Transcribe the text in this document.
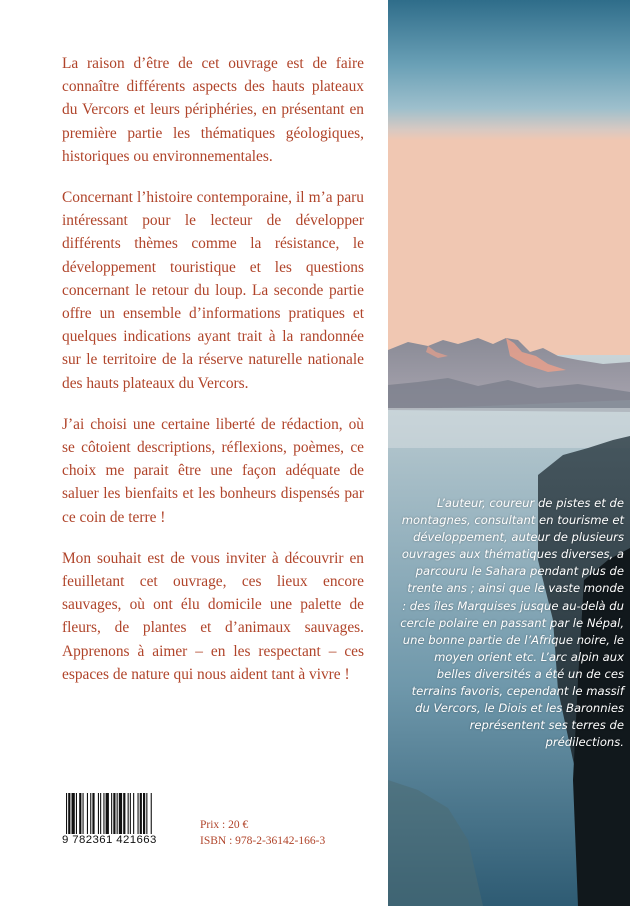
La raison d’être de cet ouvrage est de faire connaître différents aspects des hauts plateaux du Vercors et leurs périphéries, en présentant en première partie les thématiques géologiques, historiques ou environnementales.

Concernant l’histoire contemporaine, il m’a paru intéressant pour le lecteur de développer différents thèmes comme la résistance, le développement touristique et les questions concernant le retour du loup. La seconde partie offre un ensemble d’informations pratiques et quelques indications ayant trait à la randonnée sur le territoire de la réserve naturelle nationale des hauts plateaux du Vercors.

J’ai choisi une certaine liberté de rédaction, où se côtoient descriptions, réflexions, poèmes, ce choix me parait être une façon adéquate de saluer les bienfaits et les bonheurs dispensés par ce coin de terre !

Mon souhait est de vous inviter à découvrir en feuilletant cet ouvrage, ces lieux encore sauvages, où ont élu domicile une palette de fleurs, de plantes et d’animaux sauvages. Apprenons à aimer – en les respectant – ces espaces de nature qui nous aident tant à vivre !

9 782361 421663
Prix : 20 €
ISBN : 978-2-36142-166-3
L’auteur, coureur de pistes et de montagnes, consultant en tourisme et développement, auteur de plusieurs ouvrages aux thématiques diverses, a parcouru le Sahara pendant plus de trente ans ; ainsi que le vaste monde : des îles Marquises jusque au-delà du cercle polaire en passant par le Népal, une bonne partie de l’Afrique noire, le moyen orient etc. L’arc alpin aux belles diversités a été un de ces terrains favoris, cependant le massif du Vercors, le Diois et les Baronnies représentent ses terres de prédilections.
